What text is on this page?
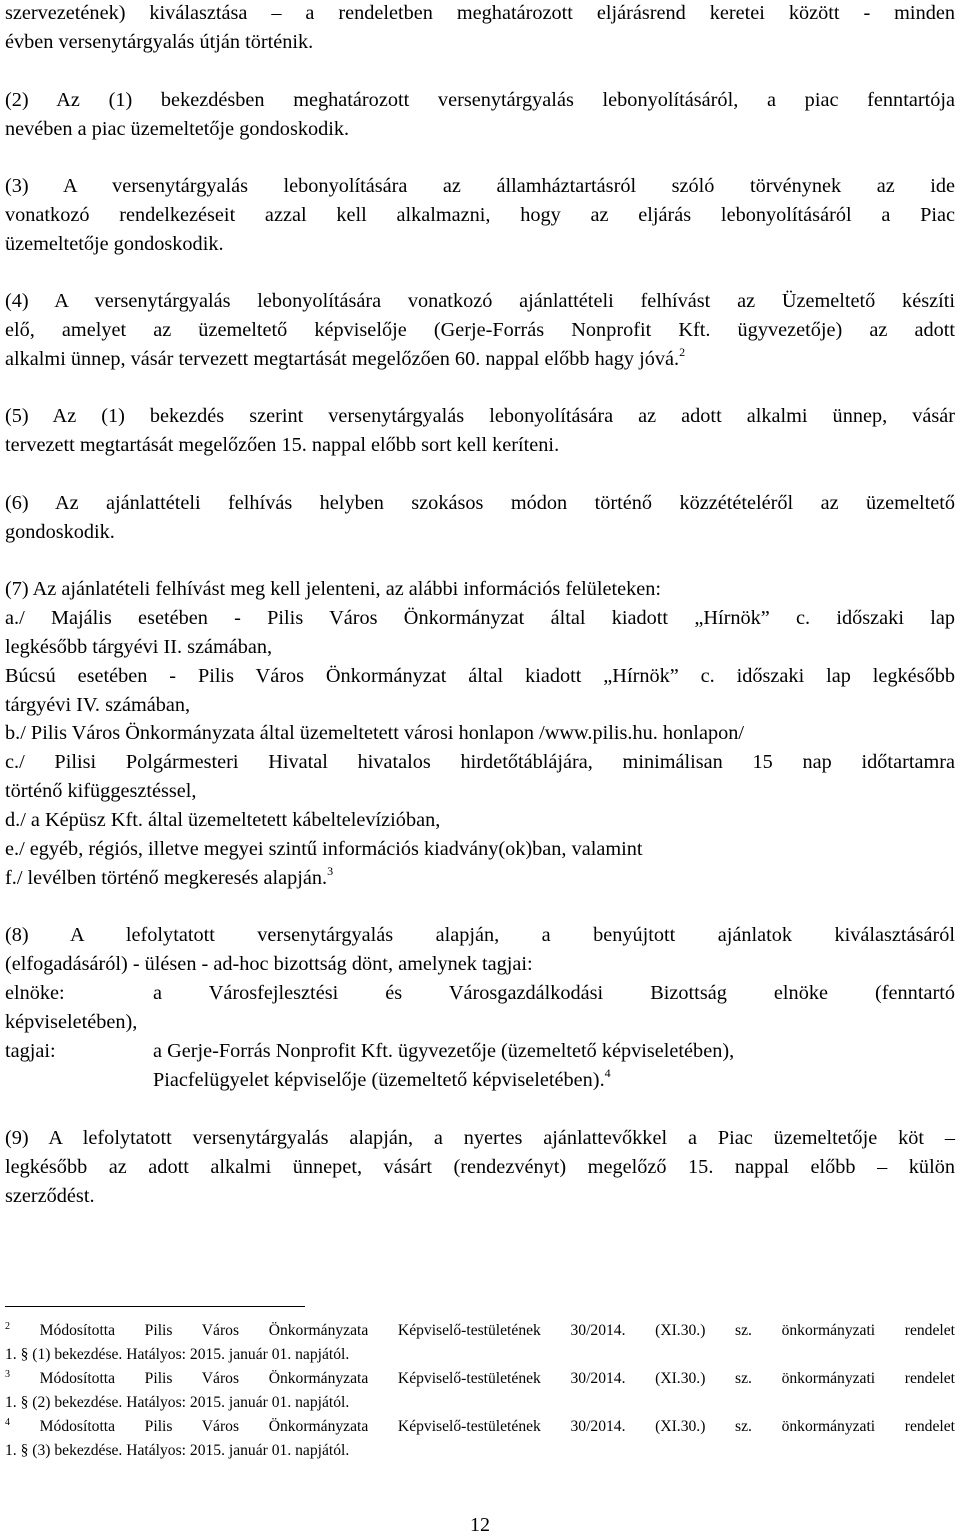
szervezetének) kiválasztása – a rendeletben meghatározott eljárásrend keretei között - minden
évben versenytárgyalás útján történik.
(2) Az (1) bekezdésben meghatározott versenytárgyalás lebonyolításáról, a piac fenntartója
nevében a piac üzemeltetője gondoskodik.
(3) A versenytárgyalás lebonyolítására az államháztartásról szóló törvénynek az ide
vonatkozó rendelkezéseit azzal kell alkalmazni, hogy az eljárás lebonyolításáról a Piac
üzemeltetője gondoskodik.
(4) A versenytárgyalás lebonyolítására vonatkozó ajánlattételi felhívást az Üzemeltető készíti
elő, amelyet az üzemeltető képviselője (Gerje-Forrás Nonprofit Kft. ügyvezetője) az adott
alkalmi ünnep, vásár tervezett megtartását megelőzően 60. nappal előbb hagy jóvá.$^2$
(5) Az (1) bekezdés szerint versenytárgyalás lebonyolítására az adott alkalmi ünnep, vásár
tervezett megtartását megelőzően 15. nappal előbb sort kell keríteni.
(6) Az ajánlattételi felhívás helyben szokásos módon történő közzétételéről az üzemeltető
gondoskodik.
(7) Az ajánlatételi felhívást meg kell jelenteni, az alábbi információs felületeken:
a./ Majális esetében - Pilis Város Önkormányzat által kiadott „Hírnök” c. időszaki lap
legkésőbb tárgyévi II. számában,
Búcsú esetében - Pilis Város Önkormányzat által kiadott „Hírnök” c. időszaki lap legkésőbb
tárgyévi IV. számában,
b./ Pilis Város Önkormányzata által üzemeltetett városi honlapon /www.pilis.hu. honlapon/
c./ Pilisi Polgármesteri Hivatal hivatalos hirdetőtáblájára, minimálisan 15 nap időtartamra
történő kifüggesztéssel,
d./ a Képüsz Kft. által üzemeltetett kábeltelevízióban,
e./ egyéb, régiós, illetve megyei szintű információs kiadvány(ok)ban, valamint
f./ levélben történő megkeresés alapján.$^3$
(8) A lefolytatott versenytárgyalás alapján, a benyújtott ajánlatok kiválasztásáról
(elfogadásáról) - ülésen - ad-hoc bizottság dönt, amelynek tagjai:
elnöke:	a Városfejlesztési és Városgazdálkodási Bizottság elnöke (fenntartó
képviseletében),
tagjai:	a Gerje-Forrás Nonprofit Kft. ügyvezetője (üzemeltető képviseletében),
Piacfelügyelet képviselője (üzemeltető képviseletében).$^4$
(9) A lefolytatott versenytárgyalás alapján, a nyertes ajánlattevőkkel a Piac üzemeltetője köt –
legkésőbb az adott alkalmi ünnepet, vásárt (rendezvényt) megelőző 15. nappal előbb – külön
szerződést.
$^2$ Módosította Pilis Város Önkormányzata Képviselő-testületének 30/2014. (XI.30.) sz. önkormányzati rendelet
1. § (1) bekezdése. Hatályos: 2015. január 01. napjától.
$^3$ Módosította Pilis Város Önkormányzata Képviselő-testületének 30/2014. (XI.30.) sz. önkormányzati rendelet
1. § (2) bekezdése. Hatályos: 2015. január 01. napjától.
$^4$ Módosította Pilis Város Önkormányzata Képviselő-testületének 30/2014. (XI.30.) sz. önkormányzati rendelet
1. § (3) bekezdése. Hatályos: 2015. január 01. napjától.
12
